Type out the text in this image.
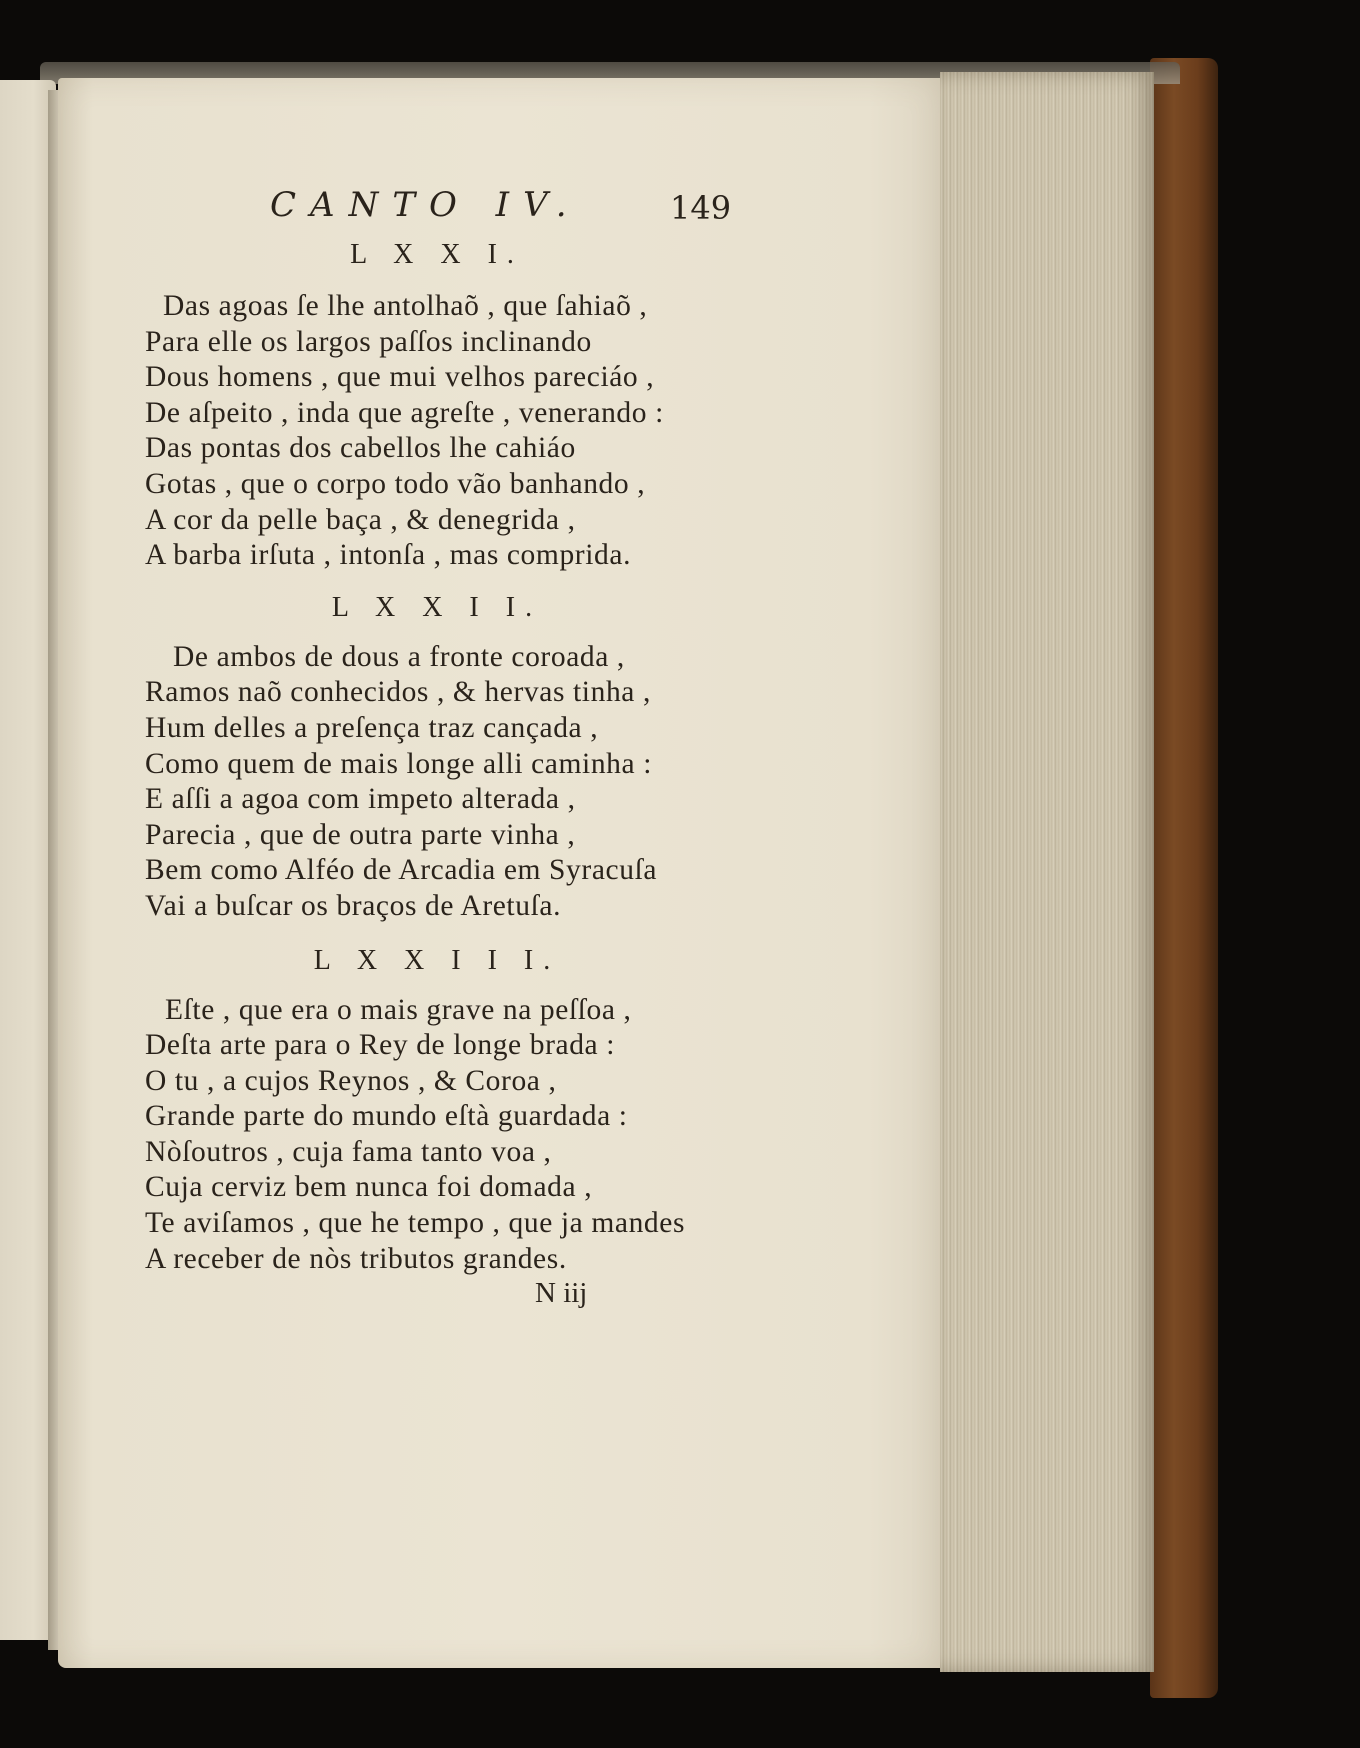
CANTO IV.	149
L X X I.
Das agoas ſe lhe antolhaõ , que ſahiaõ ,
Para elle os largos paſſos inclinando
Dous homens , que mui velhos pareciáo ,
De aſpeito , inda que agreſte , venerando :
Das pontas dos cabellos lhe cahiáo
Gotas , que o corpo todo vão banhando ,
A cor da pelle baça , & denegrida ,
A barba irſuta , intonſa , mas comprida.
L X X I I.
De ambos de dous a fronte coroada ,
Ramos naõ conhecidos , & hervas tinha ,
Hum delles a preſença traz cançada ,
Como quem de mais longe alli caminha :
E aſſi a agoa com impeto alterada ,
Parecia , que de outra parte vinha ,
Bem como Alféo de Arcadia em Syracuſa
Vai a buſcar os braços de Aretuſa.
L X X I I I.
Eſte , que era o mais grave na peſſoa ,
Deſta arte para o Rey de longe brada :
O tu , a cujos Reynos , & Coroa ,
Grande parte do mundo eſtà guardada :
Nòſoutros , cuja fama tanto voa ,
Cuja cerviz bem nunca foi domada ,
Te aviſamos , que he tempo , que ja mandes
A receber de nòs tributos grandes.
N iij
